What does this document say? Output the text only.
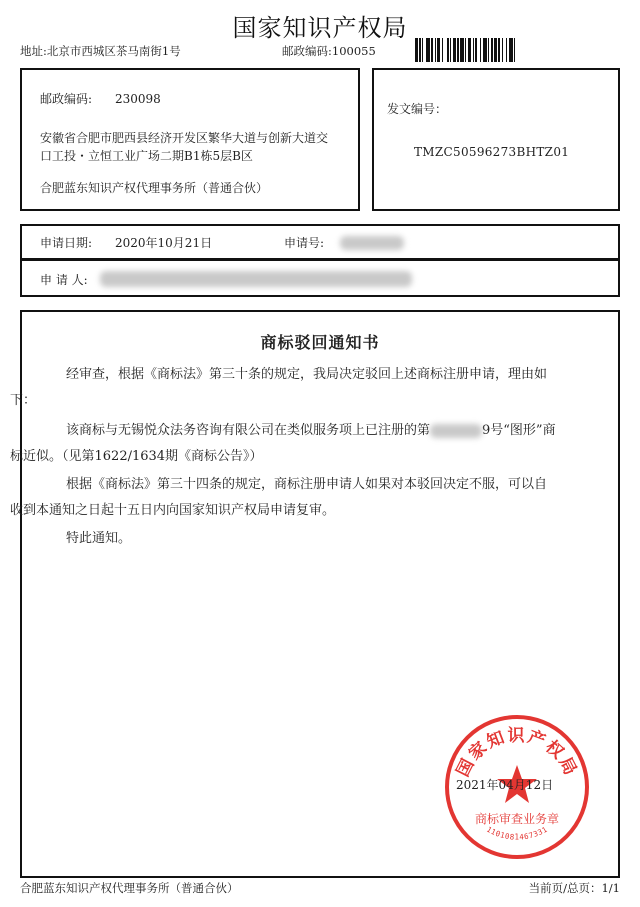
国家知识产权局
地址:北京市西城区茶马南街1号	邮政编码:100055
邮政编码: 230098
安徽省合肥市肥西县经济开发区繁华大道与创新大道交
口工投・立恒工业广场二期B1栋5层B区
合肥蓝东知识产权代理事务所（普通合伙）
发文编号：
TMZC50596273BHTZ01
申请日期: 2020年10月21日	申请号:
申 请 人:
商标驳回通知书
经审查，根据《商标法》第三十条的规定，我局决定驳回上述商标注册申请，理由如
下：
该商标与无锡悦众法务咨询有限公司在类似服务项上已注册的第	9号“图形”商
标近似。（见第1622/1634期《商标公告》）
根据《商标法》第三十四条的规定，商标注册申请人如果对本驳回决定不服，可以自
收到本通知之日起十五日内向国家知识产权局申请复审。
特此通知。
国家知识产权局
商标审查业务章
1101081467331
2021年04月12日
合肥蓝东知识产权代理事务所（普通合伙）	当前页/总页：1/1
